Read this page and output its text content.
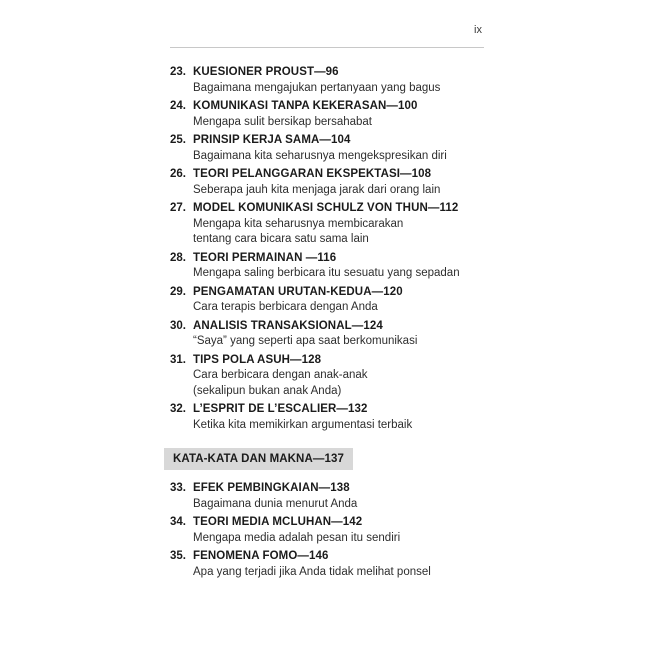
ix
23. KUESIONER PROUST—96
Bagaimana mengajukan pertanyaan yang bagus
24. KOMUNIKASI TANPA KEKERASAN—100
Mengapa sulit bersikap bersahabat
25. PRINSIP KERJA SAMA—104
Bagaimana kita seharusnya mengekspresikan diri
26. TEORI PELANGGARAN EKSPEKTASI—108
Seberapa jauh kita menjaga jarak dari orang lain
27. MODEL KOMUNIKASI SCHULZ VON THUN—112
Mengapa kita seharusnya membicarakan
tentang cara bicara satu sama lain
28. TEORI PERMAINAN —116
Mengapa saling berbicara itu sesuatu yang sepadan
29. PENGAMATAN URUTAN-KEDUA—120
Cara terapis berbicara dengan Anda
30. ANALISIS TRANSAKSIONAL—124
“Saya” yang seperti apa saat berkomunikasi
31. TIPS POLA ASUH—128
Cara berbicara dengan anak-anak
(sekalipun bukan anak Anda)
32. L’ESPRIT DE L’ESCALIER—132
Ketika kita memikirkan argumentasi terbaik
KATA-KATA DAN MAKNA—137
33. EFEK PEMBINGKAIAN—138
Bagaimana dunia menurut Anda
34. TEORI MEDIA MCLUHAN—142
Mengapa media adalah pesan itu sendiri
35. FENOMENA FOMO—146
Apa yang terjadi jika Anda tidak melihat ponsel
